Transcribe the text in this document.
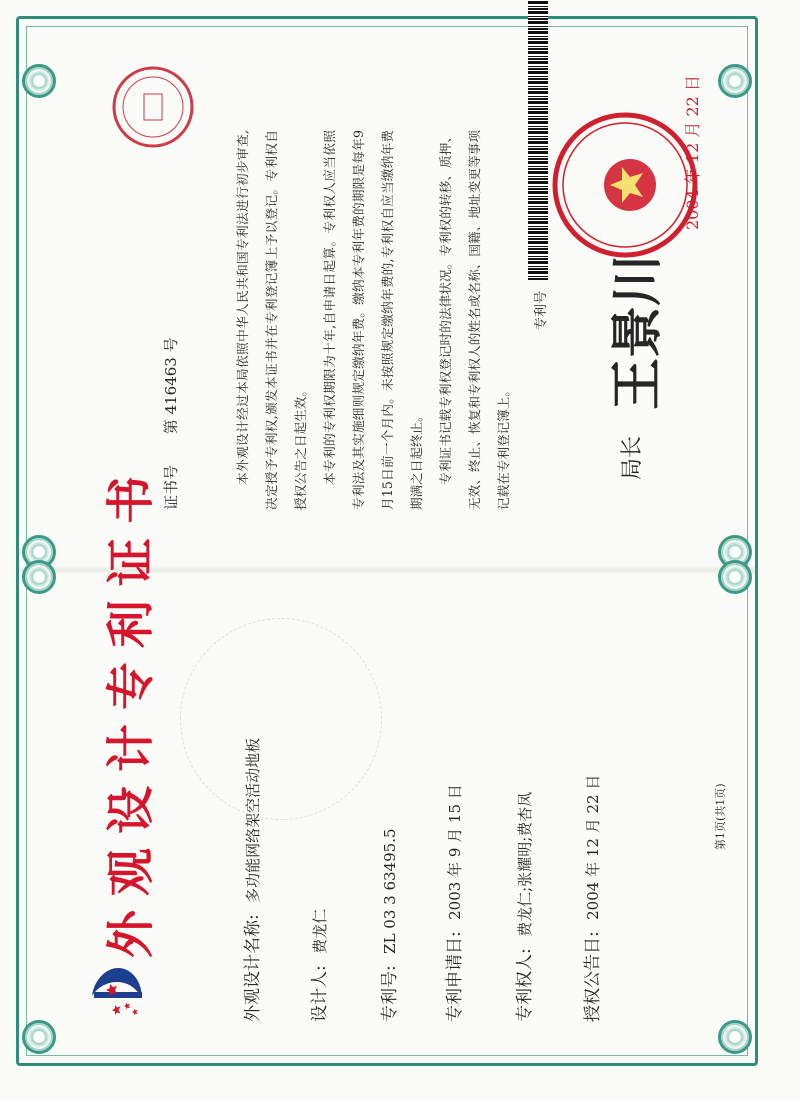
外观设计专利证书
外观设计名称: 多功能网络架空活动地板
设计人: 费龙仁
专利号: ZL 03 3 63495.5
专利申请日: 2003 年 9 月 15 日
专利权人: 费龙仁;张耀明;费杏凤
授权公告日: 2004 年 12 月 22 日	第1页(共1页)
证书号 第 416463 号	本外观设计经过本局依照中华人民共和国专利法进行初步审查,决定授予专利权,颁发本证书并在专利登记簿上予以登记。专利权自授权公告之日起生效。	本专利的专利权期限为十年,自申请日起算。专利权人应当依照专利法及其实施细则规定缴纳年费。缴纳本专利年费的期限是每年9月15日前一个月内。未按照规定缴纳年费的,专利权自应当缴纳年费期满之日起终止。	专利证书记载专利权登记时的法律状况。专利权的转移、质押、无效、终止、恢复和专利权人的姓名或名称、国籍、地址变更等事项记载在专利登记簿上。

专利号
局长
王景川
2004 年 12 月 22 日
